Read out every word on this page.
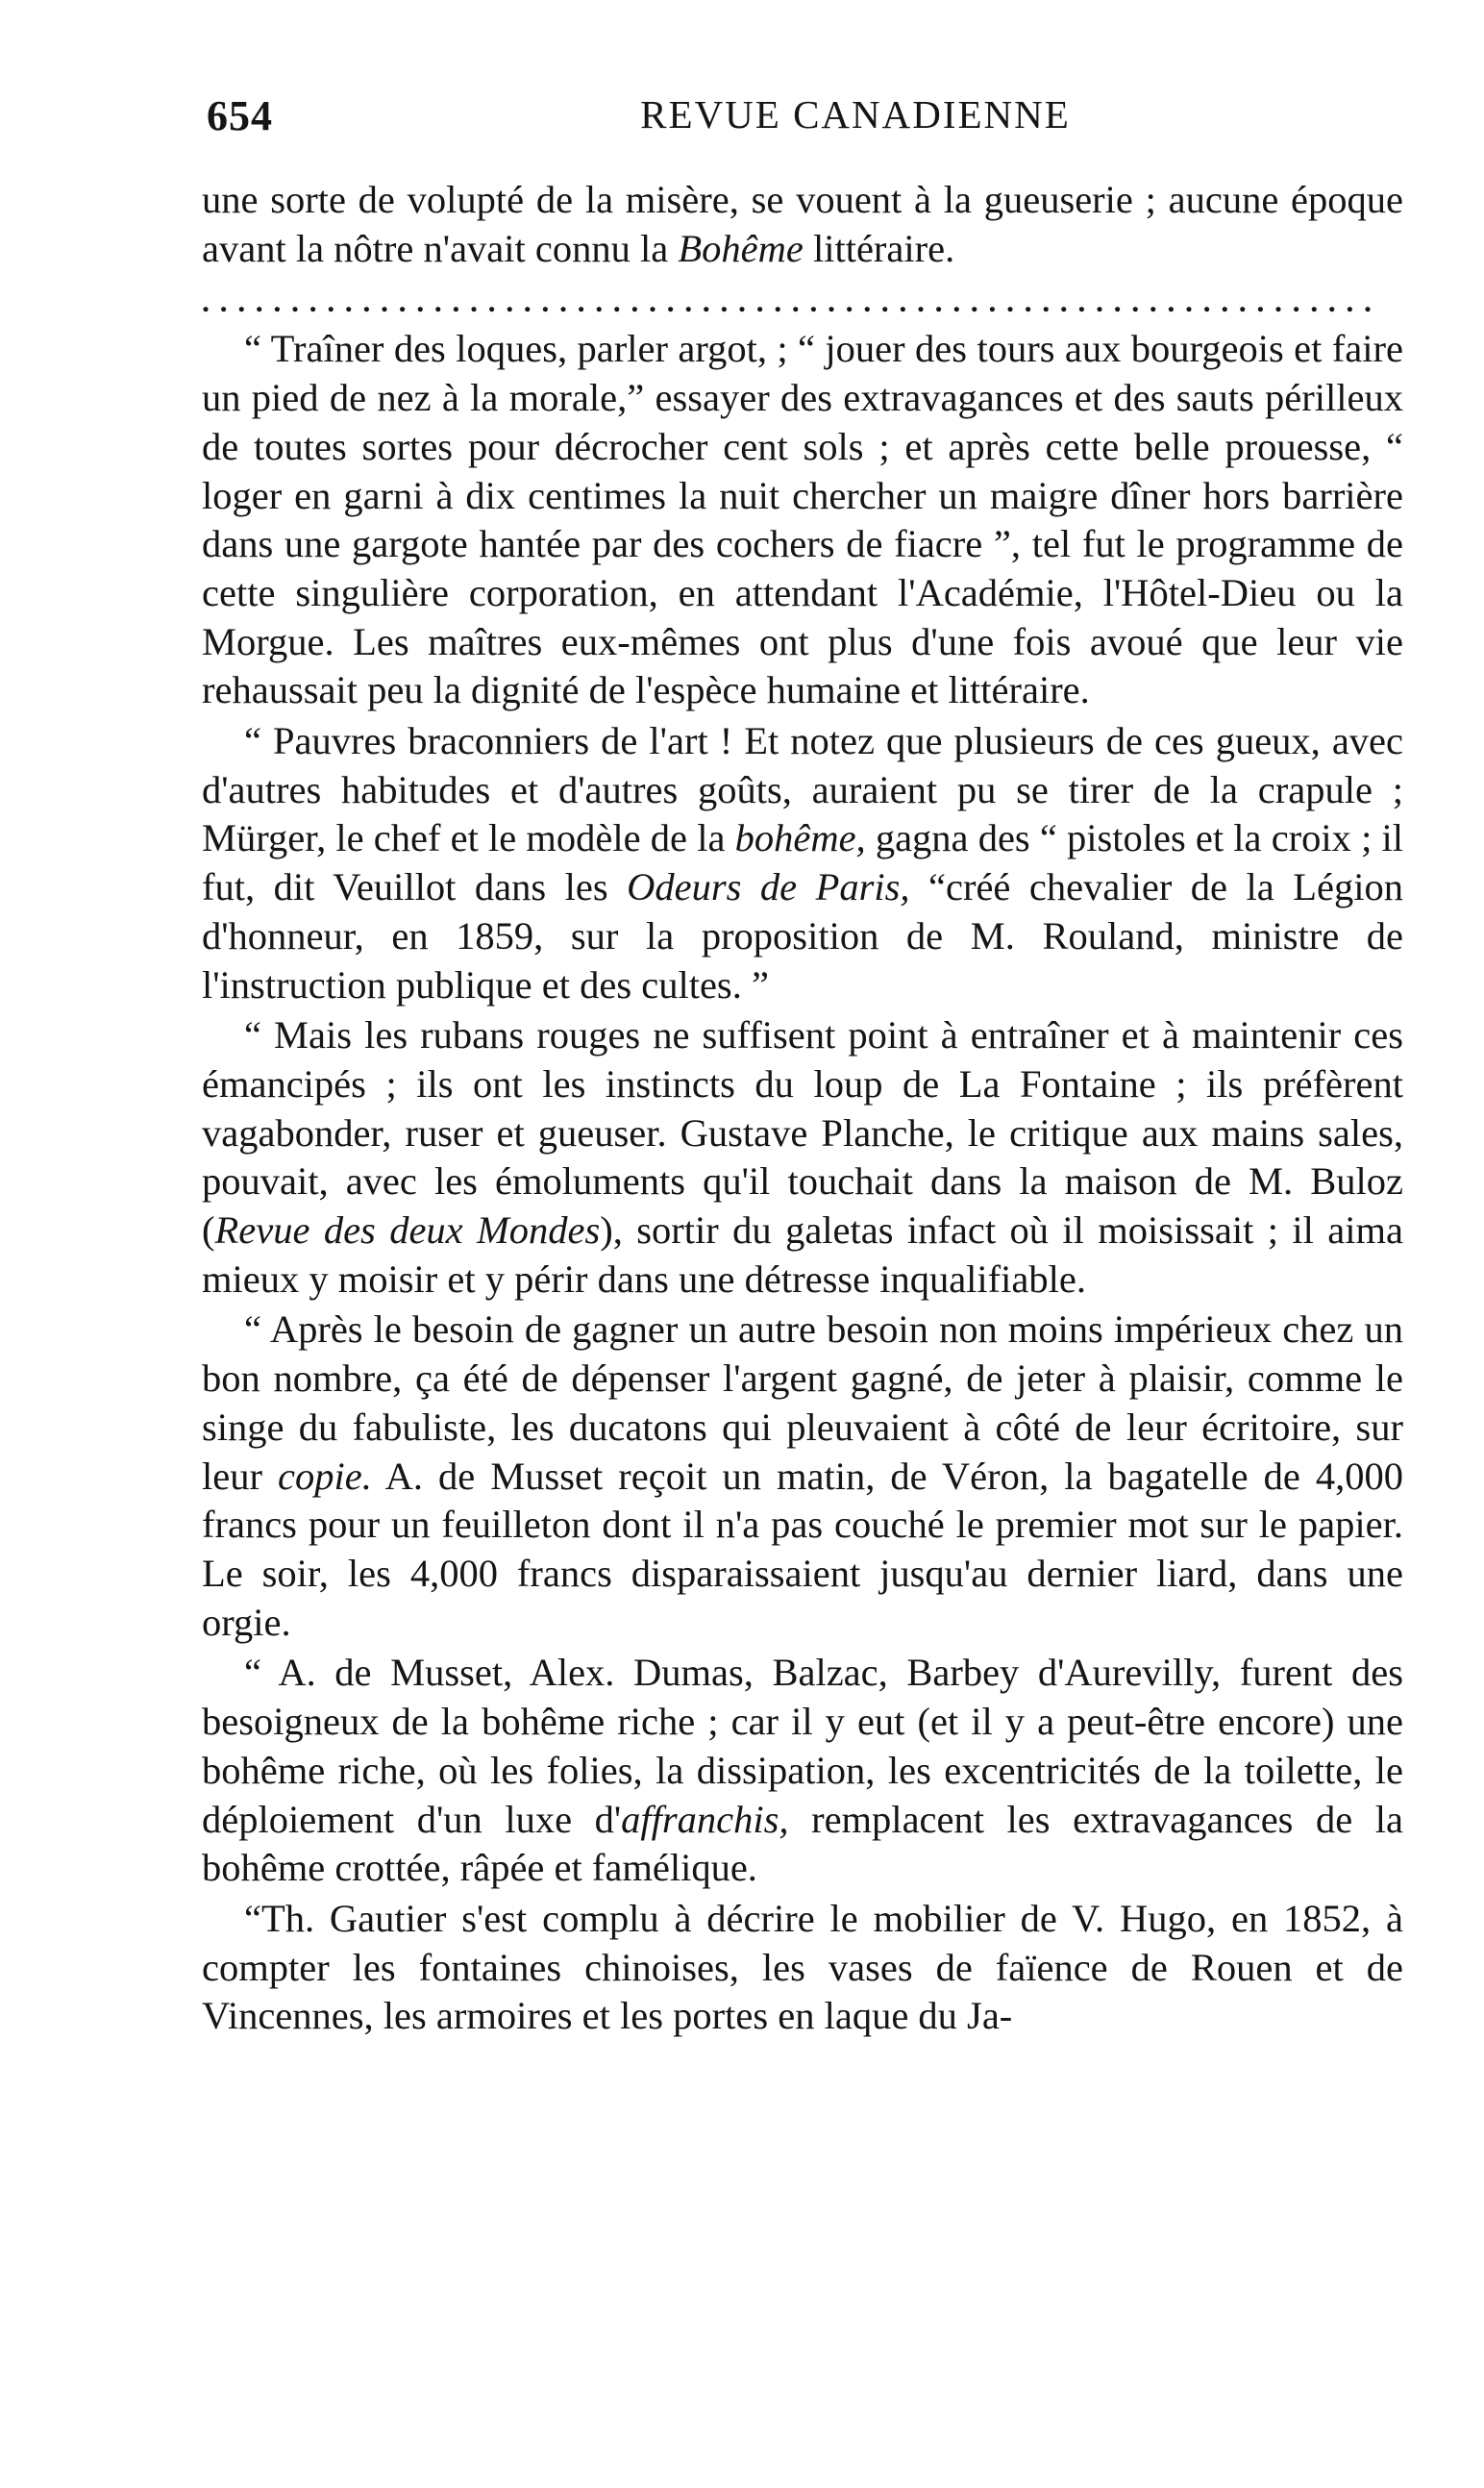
654	REVUE CANADIENNE

une sorte de volupté de la misère, se vouent à la gueuserie ; aucune époque avant la nôtre n'avait connu la Bohême littéraire.

..................................................................

“ Traîner des loques, parler argot, ; “ jouer des tours aux bourgeois et faire un pied de nez à la morale,” essayer des extravagances et des sauts périlleux de toutes sortes pour décrocher cent sols ; et après cette belle prouesse, “ loger en garni à dix centimes la nuit chercher un maigre dîner hors barrière dans une gargote hantée par des cochers de fiacre ”, tel fut le programme de cette singulière corporation, en attendant l'Académie, l'Hôtel-Dieu ou la Morgue. Les maîtres eux-mêmes ont plus d'une fois avoué que leur vie rehaussait peu la dignité de l'espèce humaine et littéraire.

“ Pauvres braconniers de l'art ! Et notez que plusieurs de ces gueux, avec d'autres habitudes et d'autres goûts, auraient pu se tirer de la crapule ; Mürger, le chef et le modèle de la bohême, gagna des “ pistoles et la croix ; il fut, dit Veuillot dans les Odeurs de Paris, “créé chevalier de la Légion d'honneur, en 1859, sur la proposition de M. Rouland, ministre de l'instruction publique et des cultes. ”

“ Mais les rubans rouges ne suffisent point à entraîner et à maintenir ces émancipés ; ils ont les instincts du loup de La Fontaine ; ils préfèrent vagabonder, ruser et gueuser. Gustave Planche, le critique aux mains sales, pouvait, avec les émoluments qu'il touchait dans la maison de M. Buloz (Revue des deux Mondes), sortir du galetas infact où il moisissait ; il aima mieux y moisir et y périr dans une détresse inqualifiable.

“ Après le besoin de gagner un autre besoin non moins impérieux chez un bon nombre, ça été de dépenser l'argent gagné, de jeter à plaisir, comme le singe du fabuliste, les ducatons qui pleuvaient à côté de leur écritoire, sur leur copie. A. de Musset reçoit un matin, de Véron, la bagatelle de 4,000 francs pour un feuilleton dont il n'a pas couché le premier mot sur le papier. Le soir, les 4,000 francs disparaissaient jusqu'au dernier liard, dans une orgie.

“ A. de Musset, Alex. Dumas, Balzac, Barbey d'Aurevilly, furent des besoigneux de la bohême riche ; car il y eut (et il y a peut-être encore) une bohême riche, où les folies, la dissipation, les excentricités de la toilette, le déploiement d'un luxe d'affranchis, remplacent les extravagances de la bohême crottée, râpée et famélique.

“Th. Gautier s'est complu à décrire le mobilier de V. Hugo, en 1852, à compter les fontaines chinoises, les vases de faïence de Rouen et de Vincennes, les armoires et les portes en laque du Ja-
